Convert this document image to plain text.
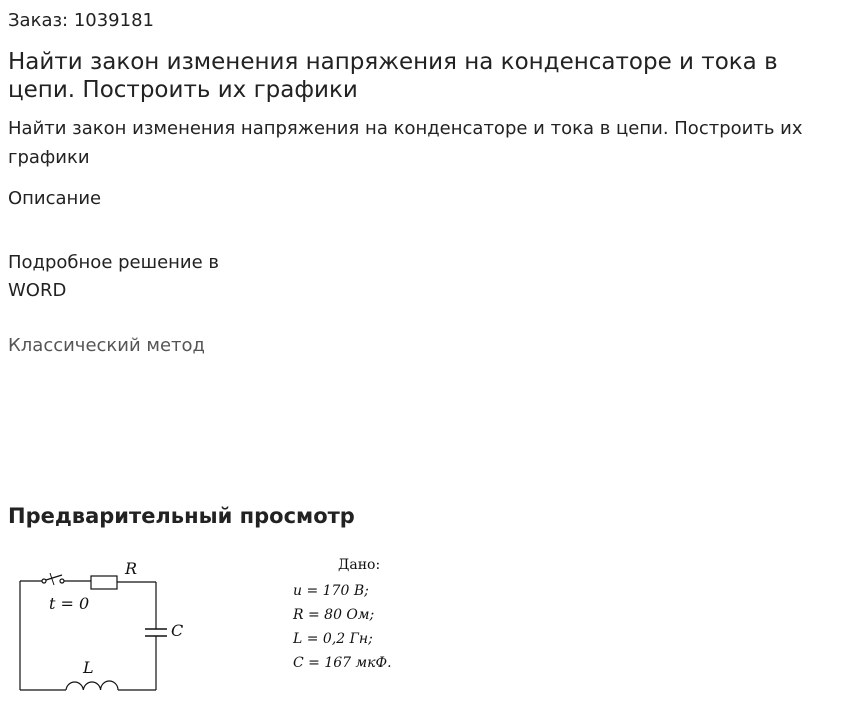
Заказ: 1039181
Найти закон изменения напряжения на конденсаторе и тока в цепи. Построить их графики
Найти закон изменения напряжения на конденсаторе и тока в цепи. Построить их графики
Описание
Подробное решение в WORD
Классический метод
Предварительный просмотр
t = 0
R
C
L
Дано:
u = 170 В;
R = 80 Ом;
L = 0,2 Гн;
C = 167 мкФ.
